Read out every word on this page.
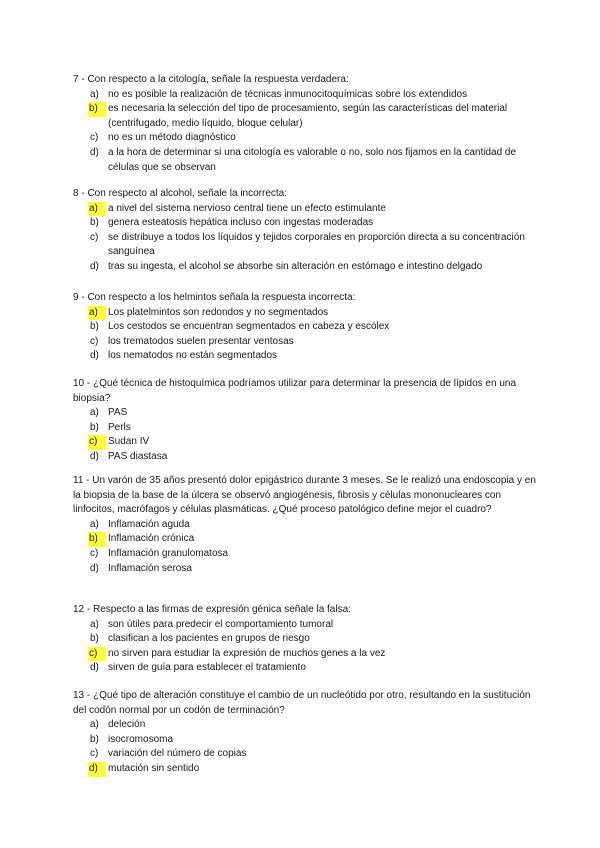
7 - Con respecto a la citología, señale la respuesta verdadera:

a) no es posible la realización de técnicas inmunocitoquímicas sobre los extendidos
b)	es necesaria la selección del tipo de procesamiento, según las características del material (centrifugado, medio líquido, bloque celular)
c) no es un método diagnóstico
d) a la hora de determinar si una citología es valorable o no, solo nos fijamos en la cantidad de células que se observan

8 - Con respecto al alcohol, señale la incorrecta:

a)	a nivel del sistema nervioso central tiene un efecto estimulante
b) genera esteatosis hepática incluso con ingestas moderadas
c) se distribuye a todos los líquidos y tejidos corporales en proporción directa a su concentración sanguínea
d) tras su ingesta, el alcohol se absorbe sin alteración en estómago e intestino delgado

9 - Con respecto a los helmintos señala la respuesta incorrecta:

a)	Los platelmintos son redondos y no segmentados
b) Los cestodos se encuentran segmentados en cabeza y escólex
c) los trematodos suelen presentar ventosas
d) los nematodos no están segmentados

10 - ¿Qué técnica de histoquímica podríamos utilizar para determinar la presencia de lípidos en una biopsia?

a) PAS
b) Perls
c)	Sudan IV
d) PAS diastasa

11 - Un varón de 35 años presentó dolor epigástrico durante 3 meses. Se le realizó una endoscopia y en la biopsia de la base de la úlcera se observó angiogénesis, fibrosis y células mononucleares con linfocitos, macrófagos y células plasmáticas. ¿Qué proceso patológico define mejor el cuadro?

a) Inflamación aguda
b)	Inflamación crónica
c) Inflamación granulomatosa
d) Inflamación serosa

12 - Respecto a las firmas de expresión génica señale la falsa:

a) son útiles para predecir el comportamiento tumoral
b) clasifican a los pacientes en grupos de riesgo
c)	no sirven para estudiar la expresión de muchos genes a la vez
d) sirven de guía para establecer el tratamiento

13 - ¿Qué tipo de alteración constituye el cambio de un nucleótido por otro, resultando en la sustitución del codón normal por un codón de terminación?

a) deleción
b) isocromosoma
c) variación del número de copias
d)	mutación sin sentido
